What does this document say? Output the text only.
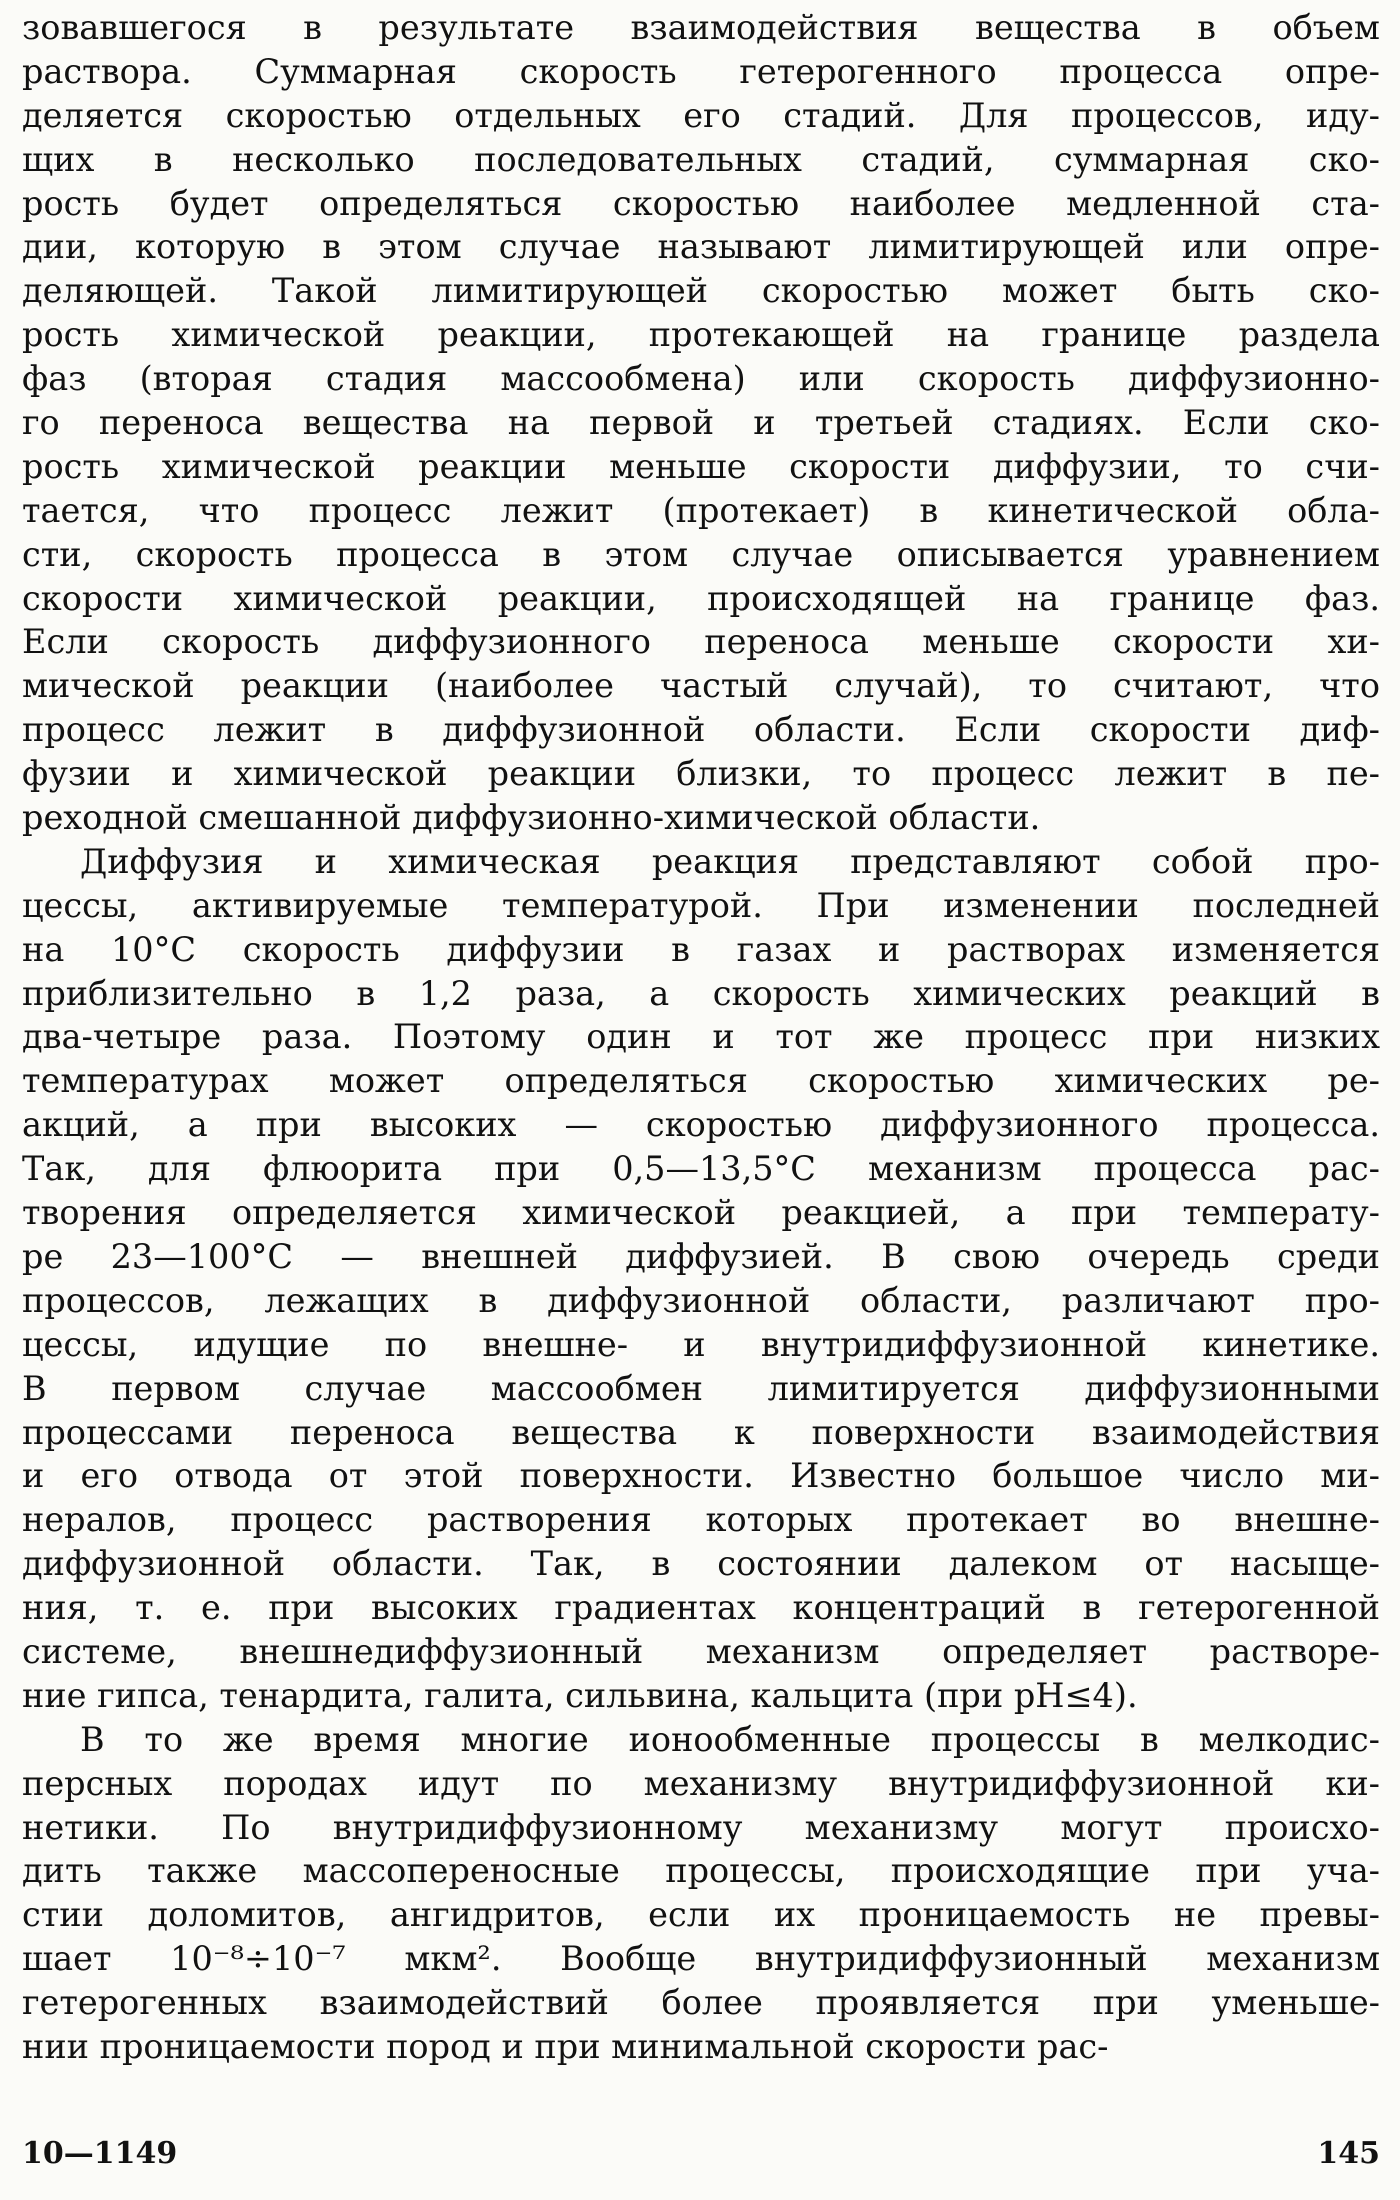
зовавшегося в результате взаимодействия вещества в объем
раствора. Суммарная скорость гетерогенного процесса опре-
деляется скоростью отдельных его стадий. Для процессов, иду-
щих в несколько последовательных стадий, суммарная ско-
рость будет определяться скоростью наиболее медленной ста-
дии, которую в этом случае называют лимитирующей или опре-
деляющей. Такой лимитирующей скоростью может быть ско-
рость химической реакции, протекающей на границе раздела
фаз (вторая стадия массообмена) или скорость диффузионно-
го переноса вещества на первой и третьей стадиях. Если ско-
рость химической реакции меньше скорости диффузии, то счи-
тается, что процесс лежит (протекает) в кинетической обла-
сти, скорость процесса в этом случае описывается уравнением
скорости химической реакции, происходящей на границе фаз.
Если скорость диффузионного переноса меньше скорости хи-
мической реакции (наиболее частый случай), то считают, что
процесс лежит в диффузионной области. Если скорости диф-
фузии и химической реакции близки, то процесс лежит в пе-
реходной смешанной диффузионно-химической области.
Диффузия и химическая реакция представляют собой про-
цессы, активируемые температурой. При изменении последней
на 10°C скорость диффузии в газах и растворах изменяется
приблизительно в 1,2 раза, а скорость химических реакций в
два-четыре раза. Поэтому один и тот же процесс при низких
температурах может определяться скоростью химических ре-
акций, а при высоких — скоростью диффузионного процесса.
Так, для флюорита при 0,5—13,5°C механизм процесса рас-
творения определяется химической реакцией, а при температу-
ре 23—100°C — внешней диффузией. В свою очередь среди
процессов, лежащих в диффузионной области, различают про-
цессы, идущие по внешне- и внутридиффузионной кинетике.
В первом случае массообмен лимитируется диффузионными
процессами переноса вещества к поверхности взаимодействия
и его отвода от этой поверхности. Известно большое число ми-
нералов, процесс растворения которых протекает во внешне-
диффузионной области. Так, в состоянии далеком от насыще-
ния, т. е. при высоких градиентах концентраций в гетерогенной
системе, внешнедиффузионный механизм определяет растворе-
ние гипса, тенардита, галита, сильвина, кальцита (при pH≤4).
В то же время многие ионообменные процессы в мелкодис-
персных породах идут по механизму внутридиффузионной ки-
нетики. По внутридиффузионному механизму могут происхо-
дить также массопереносные процессы, происходящие при уча-
стии доломитов, ангидритов, если их проницаемость не превы-
шает 10⁻⁸÷10⁻⁷ мкм². Вообще внутридиффузионный механизм
гетерогенных взаимодействий более проявляется при уменьше-
нии проницаемости пород и при минимальной скорости рас-
10—1149	145
